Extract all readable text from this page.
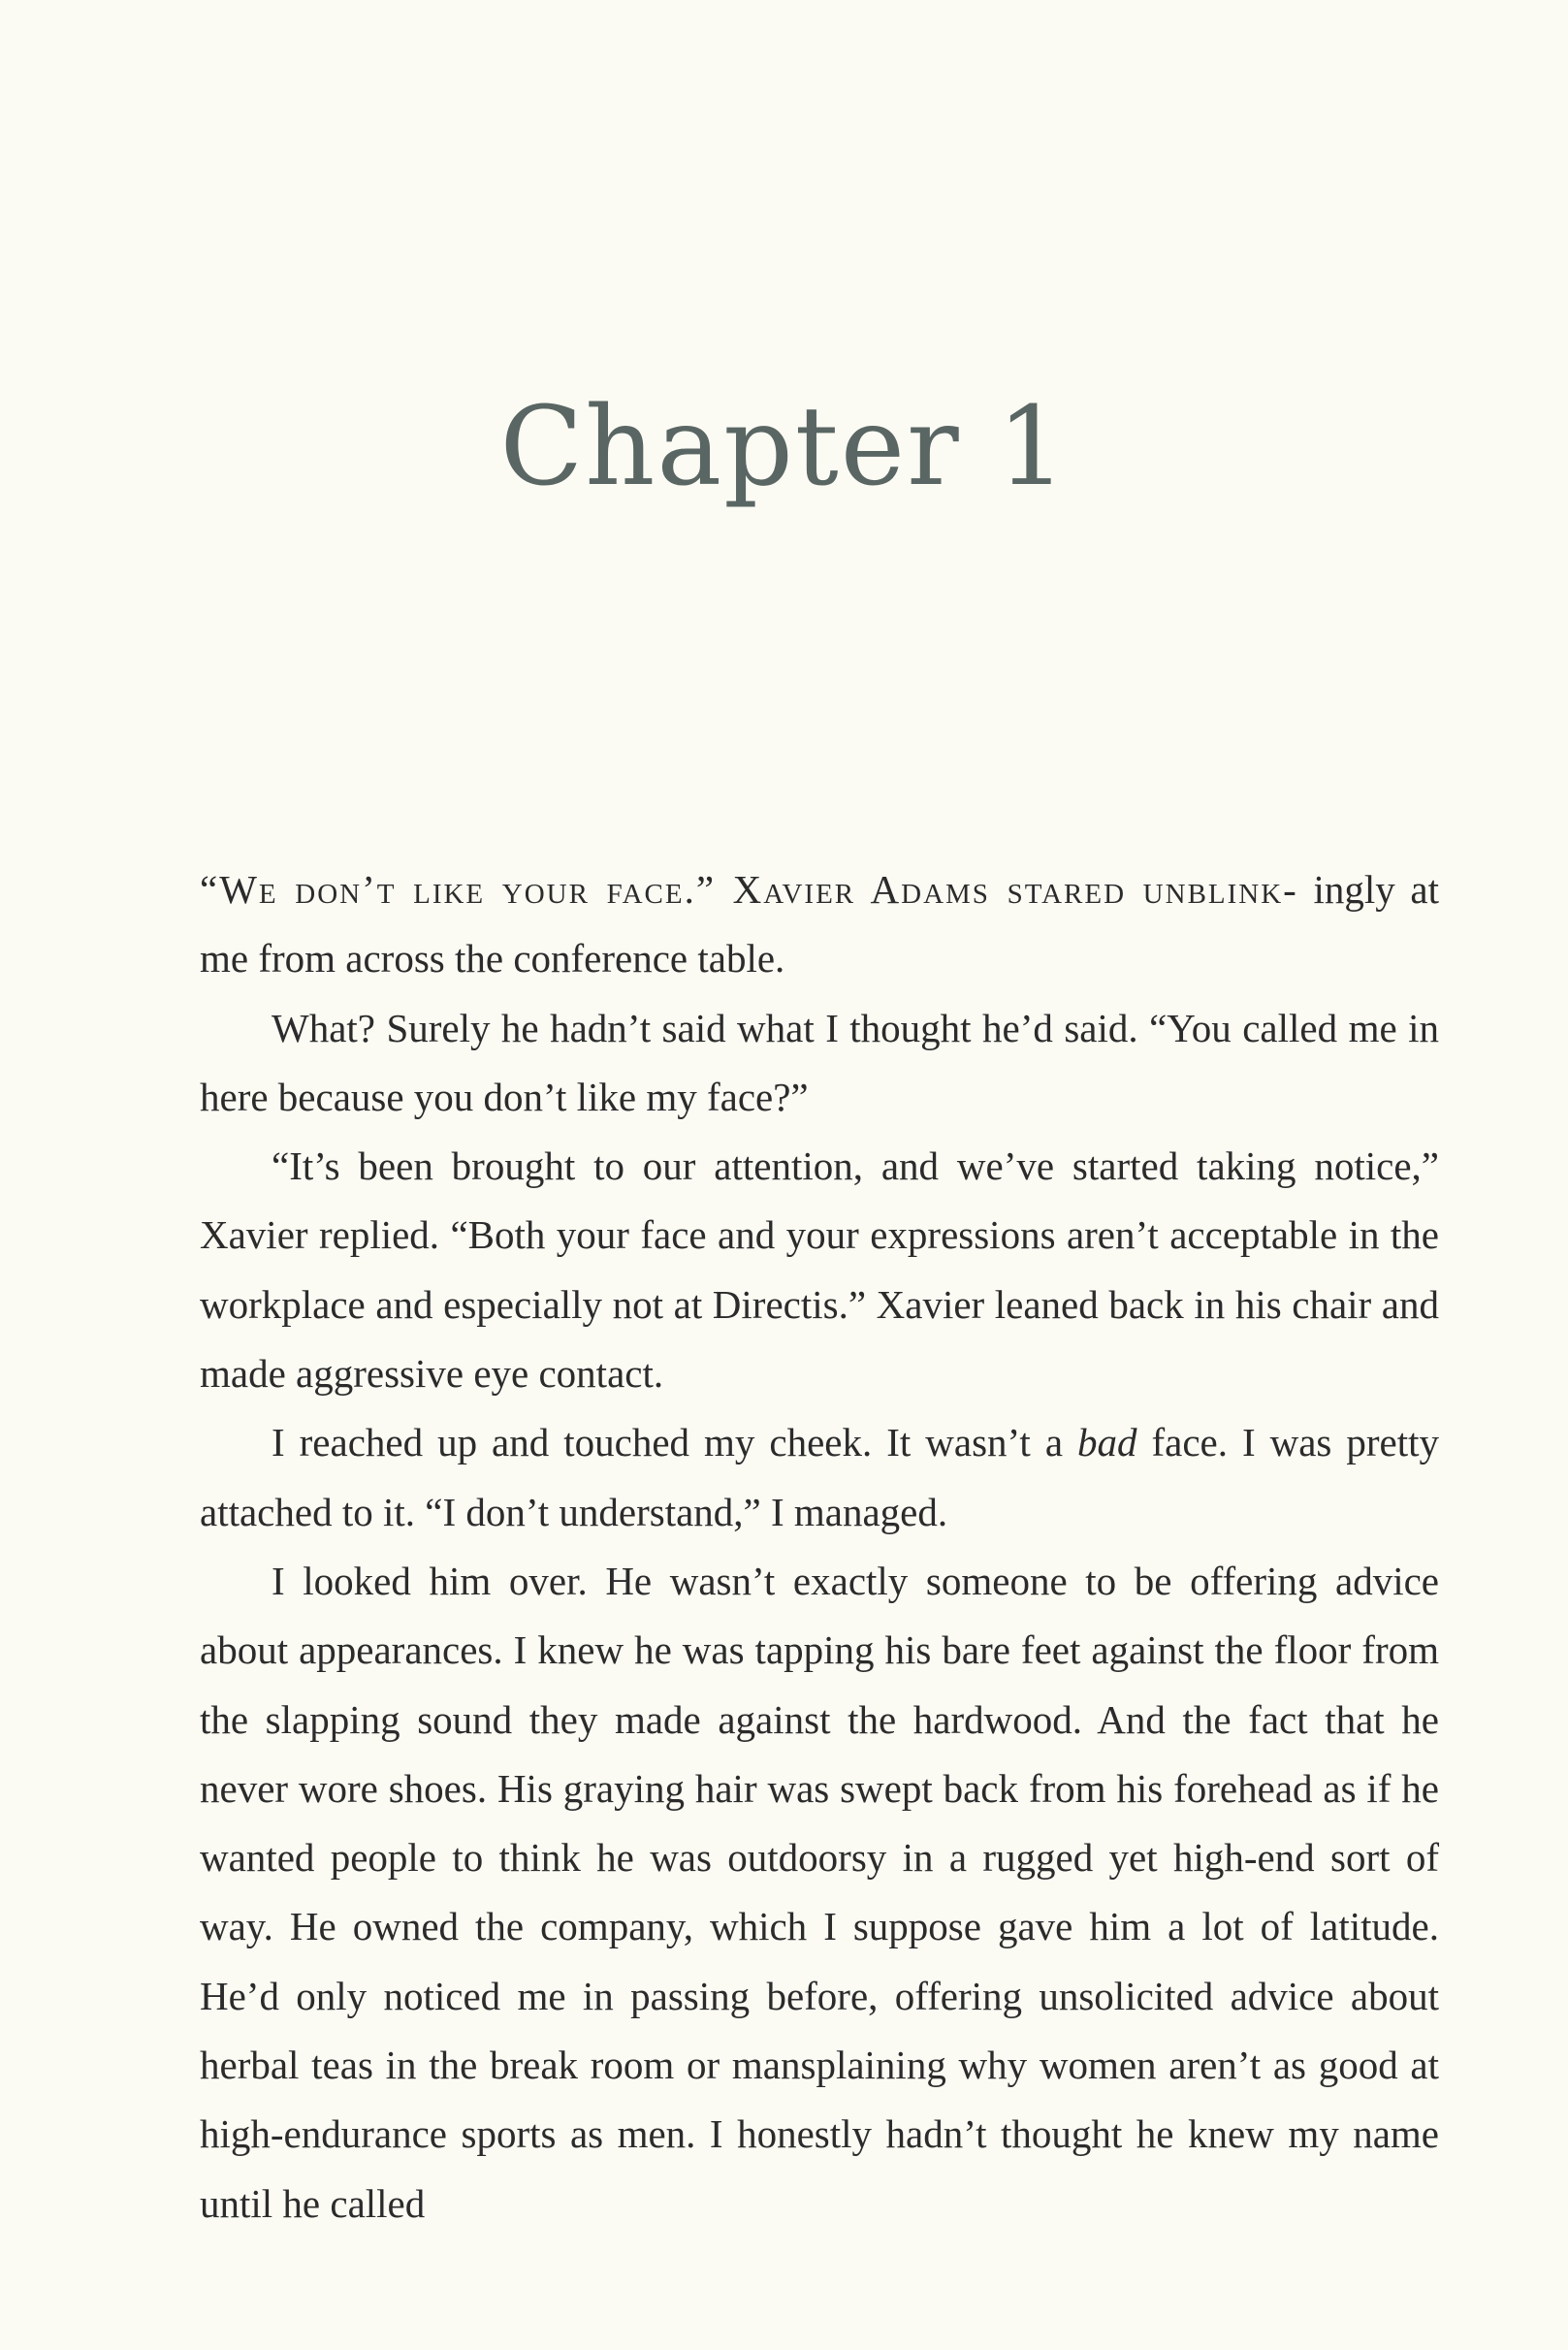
Chapter 1

“We don’t like your face.” Xavier Adams stared unblink- ingly at me from across the conference table.

What? Surely he hadn’t said what I thought he’d said. “You called me in here because you don’t like my face?”

“It’s been brought to our attention, and we’ve started taking notice,” Xavier replied. “Both your face and your expressions aren’t acceptable in the workplace and especially not at Directis.” Xavier leaned back in his chair and made aggressive eye contact.

I reached up and touched my cheek. It wasn’t a bad face. I was pretty attached to it. “I don’t understand,” I managed.

I looked him over. He wasn’t exactly someone to be offering advice about appearances. I knew he was tapping his bare feet against the floor from the slapping sound they made against the hardwood. And the fact that he never wore shoes. His graying hair was swept back from his forehead as if he wanted people to think he was outdoorsy in a rugged yet high-end sort of way. He owned the company, which I suppose gave him a lot of latitude. He’d only noticed me in passing before, offering unsolicited advice about herbal teas in the break room or mansplaining why women aren’t as good at high-endurance sports as men. I honestly hadn’t thought he knew my name until he called
